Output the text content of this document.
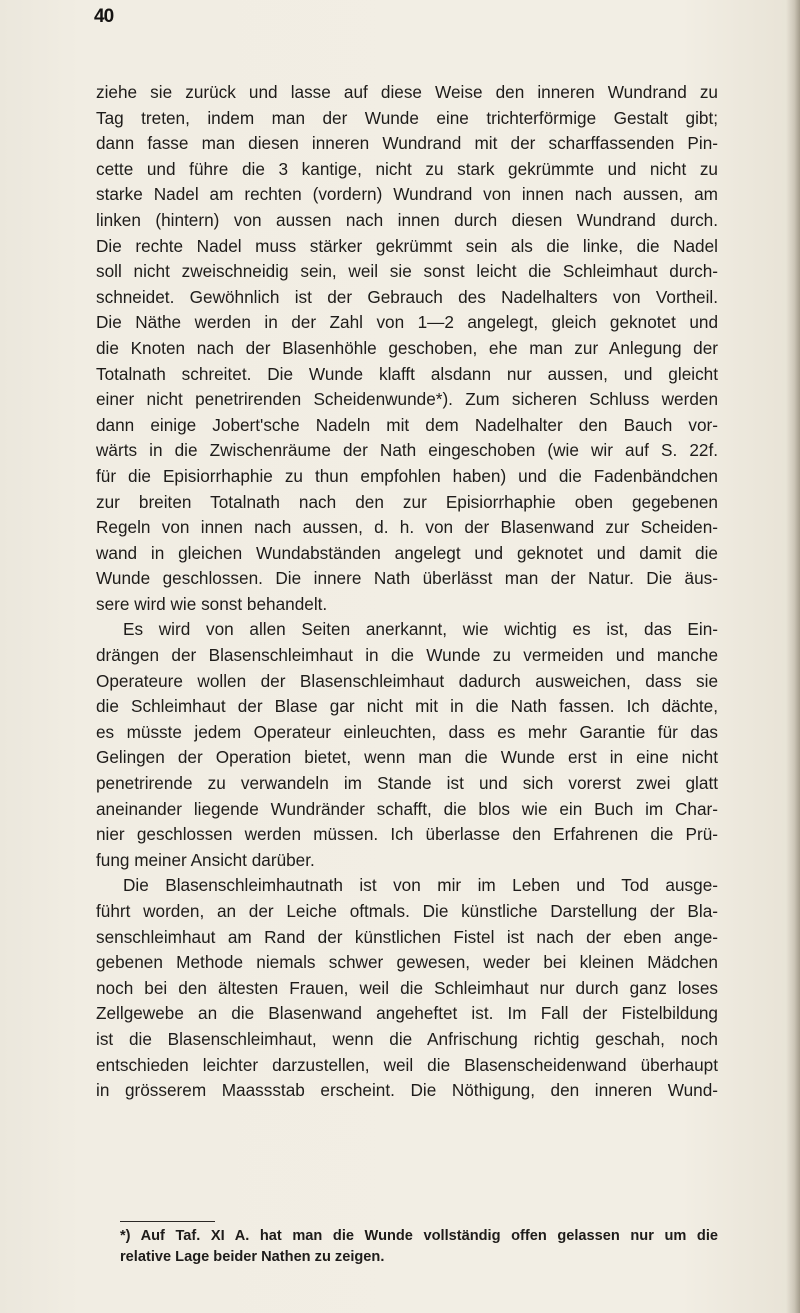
40
ziehe sie zurück und lasse auf diese Weise den inneren Wundrand zu
Tag treten, indem man der Wunde eine trichterförmige Gestalt gibt;
dann fasse man diesen inneren Wundrand mit der scharffassenden Pin-
cette und führe die 3 kantige, nicht zu stark gekrümmte und nicht zu
starke Nadel am rechten (vordern) Wundrand von innen nach aussen, am
linken (hintern) von aussen nach innen durch diesen Wundrand durch.
Die rechte Nadel muss stärker gekrümmt sein als die linke, die Nadel
soll nicht zweischneidig sein, weil sie sonst leicht die Schleimhaut durch-
schneidet. Gewöhnlich ist der Gebrauch des Nadelhalters von Vortheil.
Die Näthe werden in der Zahl von 1—2 angelegt, gleich geknotet und
die Knoten nach der Blasenhöhle geschoben, ehe man zur Anlegung der
Totalnath schreitet. Die Wunde klafft alsdann nur aussen, und gleicht
einer nicht penetrirenden Scheidenwunde*). Zum sicheren Schluss werden
dann einige Jobert'sche Nadeln mit dem Nadelhalter den Bauch vor-
wärts in die Zwischenräume der Nath eingeschoben (wie wir auf S. 22f.
für die Episiorrhaphie zu thun empfohlen haben) und die Fadenbändchen
zur breiten Totalnath nach den zur Episiorrhaphie oben gegebenen
Regeln von innen nach aussen, d. h. von der Blasenwand zur Scheiden-
wand in gleichen Wundabständen angelegt und geknotet und damit die
Wunde geschlossen. Die innere Nath überlässt man der Natur. Die äus-
sere wird wie sonst behandelt.
Es wird von allen Seiten anerkannt, wie wichtig es ist, das Ein-
drängen der Blasenschleimhaut in die Wunde zu vermeiden und manche
Operateure wollen der Blasenschleimhaut dadurch ausweichen, dass sie
die Schleimhaut der Blase gar nicht mit in die Nath fassen. Ich dächte,
es müsste jedem Operateur einleuchten, dass es mehr Garantie für das
Gelingen der Operation bietet, wenn man die Wunde erst in eine nicht
penetrirende zu verwandeln im Stande ist und sich vorerst zwei glatt
aneinander liegende Wundränder schafft, die blos wie ein Buch im Char-
nier geschlossen werden müssen. Ich überlasse den Erfahrenen die Prü-
fung meiner Ansicht darüber.
Die Blasenschleimhautnath ist von mir im Leben und Tod ausge-
führt worden, an der Leiche oftmals. Die künstliche Darstellung der Bla-
senschleimhaut am Rand der künstlichen Fistel ist nach der eben ange-
gebenen Methode niemals schwer gewesen, weder bei kleinen Mädchen
noch bei den ältesten Frauen, weil die Schleimhaut nur durch ganz loses
Zellgewebe an die Blasenwand angeheftet ist. Im Fall der Fistelbildung
ist die Blasenschleimhaut, wenn die Anfrischung richtig geschah, noch
entschieden leichter darzustellen, weil die Blasenscheidenwand überhaupt
in grösserem Maassstab erscheint. Die Nöthigung, den inneren Wund-
*) Auf Taf. XI A. hat man die Wunde vollständig offen gelassen nur um die
relative Lage beider Nathen zu zeigen.
